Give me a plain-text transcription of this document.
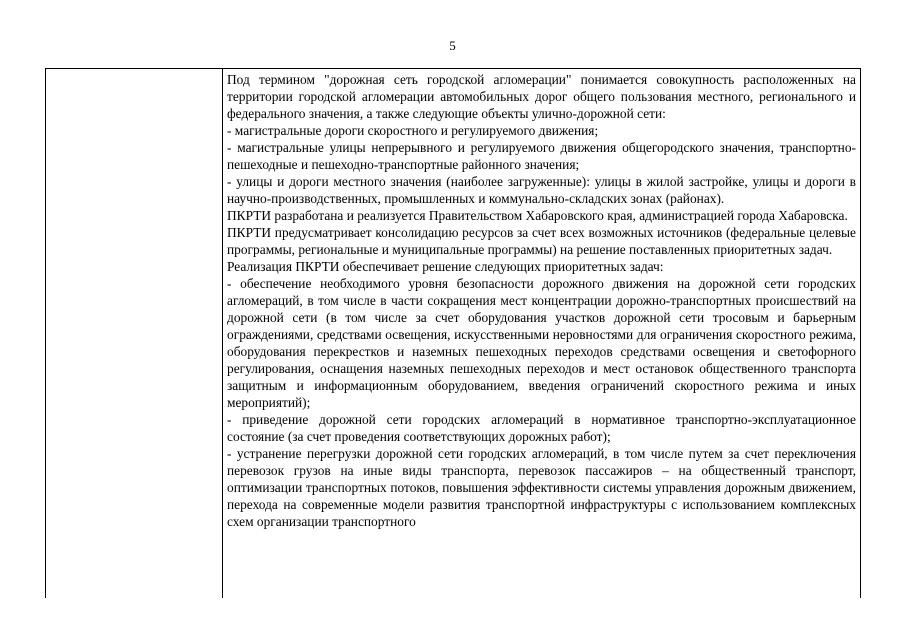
5

Под термином "дорожная сеть городской агломерации" понимается совокупность расположенных на территории городской агломерации автомобильных дорог общего пользования местного, регионального и федерального значения, а также следующие объекты улично-дорожной сети:

- магистральные дороги скоростного и регулируемого движения;

- магистральные улицы непрерывного и регулируемого движения общегородского значения, транспортно-пешеходные и пешеходно-транспортные районного значения;

- улицы и дороги местного значения (наиболее загруженные): улицы в жилой застройке, улицы и дороги в научно-производственных, промышленных и коммунально-складских зонах (районах).

ПКРТИ разработана и реализуется Правительством Хабаровского края, администрацией города Хабаровска.

ПКРТИ предусматривает консолидацию ресурсов за счет всех возможных источников (федеральные целевые программы, региональные и муниципальные программы) на решение поставленных приоритетных задач.

Реализация ПКРТИ обеспечивает решение следующих приоритетных задач:

- обеспечение необходимого уровня безопасности дорожного движения на дорожной сети городских агломераций, в том числе в части сокращения мест концентрации дорожно-транспортных происшествий на дорожной сети (в том числе за счет оборудования участков дорожной сети тросовым и барьерным ограждениями, средствами освещения, искусственными неровностями для ограничения скоростного режима, оборудования перекрестков и наземных пешеходных переходов средствами освещения и светофорного регулирования, оснащения наземных пешеходных переходов и мест остановок общественного транспорта защитным и информационным оборудованием, введения ограничений скоростного режима и иных мероприятий);

- приведение дорожной сети городских агломераций в нормативное транспортно-эксплуатационное состояние (за счет проведения соответствующих дорожных работ);

- устранение перегрузки дорожной сети городских агломераций, в том числе путем за счет переключения перевозок грузов на иные виды транспорта, перевозок пассажиров – на общественный транспорт, оптимизации транспортных потоков, повышения эффективности системы управления дорожным движением, перехода на современные модели развития транспортной инфраструктуры с использованием комплексных схем организации транспортного
